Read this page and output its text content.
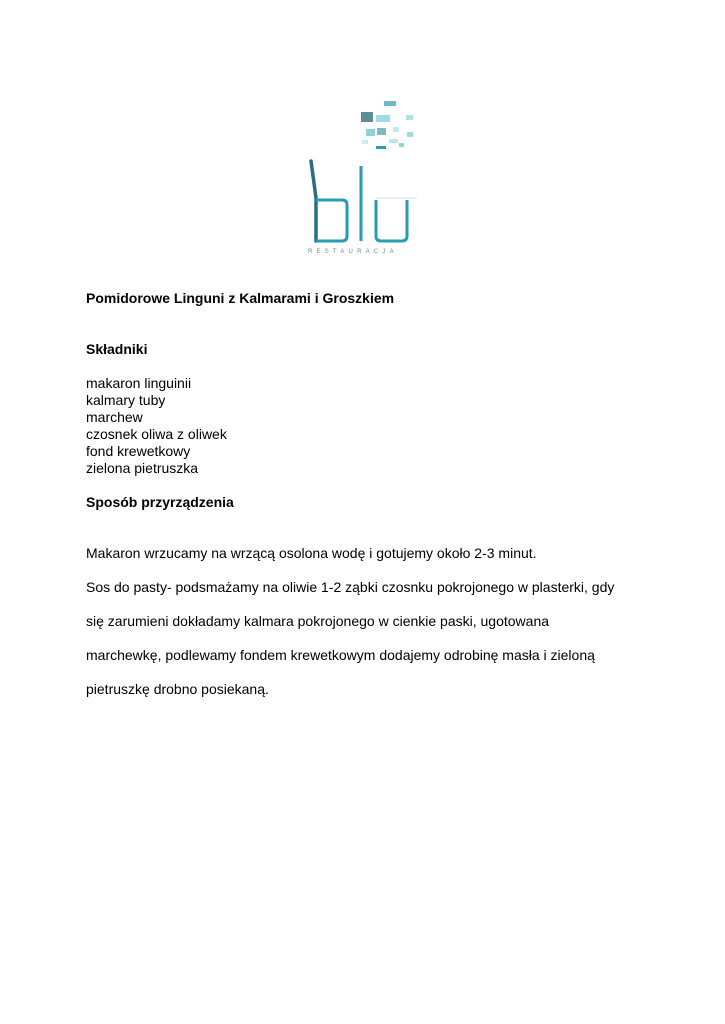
RESTAURACJA

Pomidorowe Linguni z Kalmarami i Groszkiem

Składniki

makaron linguinii
kalmary tuby
marchew
czosnek oliwa z oliwek
fond krewetkowy
zielona pietruszka

Sposób przyrządzenia

Makaron wrzucamy na wrzącą osolona wodę i gotujemy około 2-3 minut.

Sos do pasty- podsmażamy na oliwie 1-2 ząbki czosnku pokrojonego w plasterki, gdy

się zarumieni dokładamy kalmara pokrojonego w cienkie paski, ugotowana

marchewkę, podlewamy fondem krewetkowym dodajemy odrobinę masła i zieloną

pietruszkę drobno posiekaną.
